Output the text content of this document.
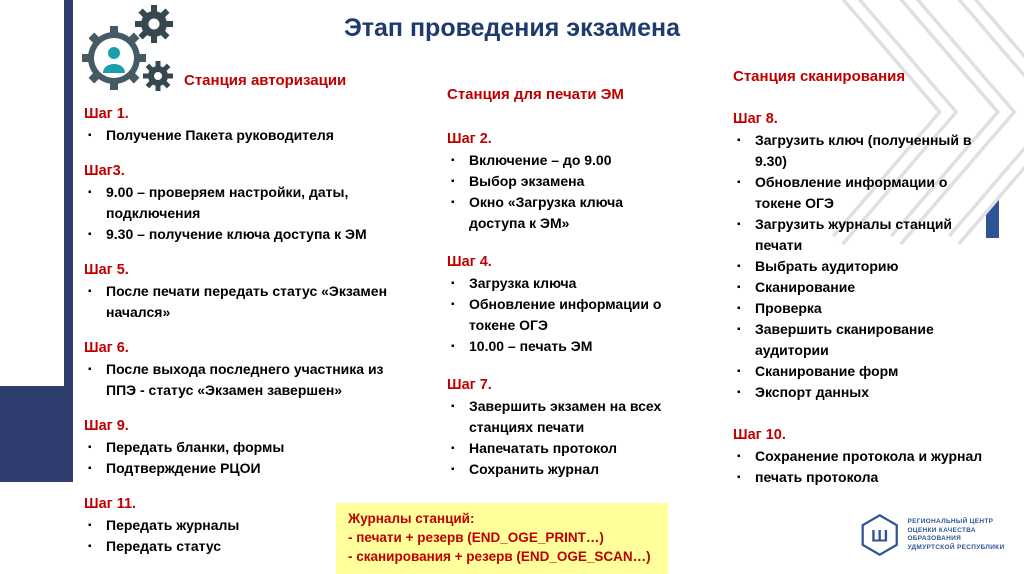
Этап проведения экзамена
Станция авторизации
Шаг 1.
▪	Получение Пакета руководителя
Шаг3.
▪	9.00 – проверяем настройки, даты, подключения
▪	9.30 – получение ключа доступа к ЭМ
Шаг 5.
▪	После печати передать статус «Экзамен начался»
Шаг 6.
▪	После выхода последнего участника из ППЭ - статус «Экзамен завершен»
Шаг 9.
▪	Передать бланки, формы
▪	Подтверждение РЦОИ
Шаг 11.
▪	Передать журналы
▪	Передать статус
Станция для печати ЭМ
Шаг 2.
▪	Включение – до 9.00
▪	Выбор экзамена
▪	Окно «Загрузка ключа доступа к ЭМ»
Шаг 4.
▪	Загрузка ключа
▪	Обновление информации о токене ОГЭ
▪	10.00 – печать ЭМ
Шаг 7.
▪	Завершить экзамен на всех станциях печати
▪	Напечатать протокол
▪	Сохранить журнал
Станция сканирования
Шаг 8.
▪	Загрузить ключ (полученный в 9.30)
▪	Обновление информации о токене ОГЭ
▪	Загрузить журналы станций печати
▪	Выбрать аудиторию
▪	Сканирование
▪	Проверка
▪	Завершить сканирование аудитории
▪	Сканирование форм
▪	Экспорт данных
Шаг 10.
▪	Сохранение протокола и журнал
▪	печать протокола
Журналы станций:
- печати + резерв (END_OGE_PRINT…)
- сканирования + резерв (END_OGE_SCAN…)
Ш
РЕГИОНАЛЬНЫЙ ЦЕНТР
ОЦЕНКИ КАЧЕСТВА ОБРАЗОВАНИЯ
УДМУРТСКОЙ РЕСПУБЛИКИ
